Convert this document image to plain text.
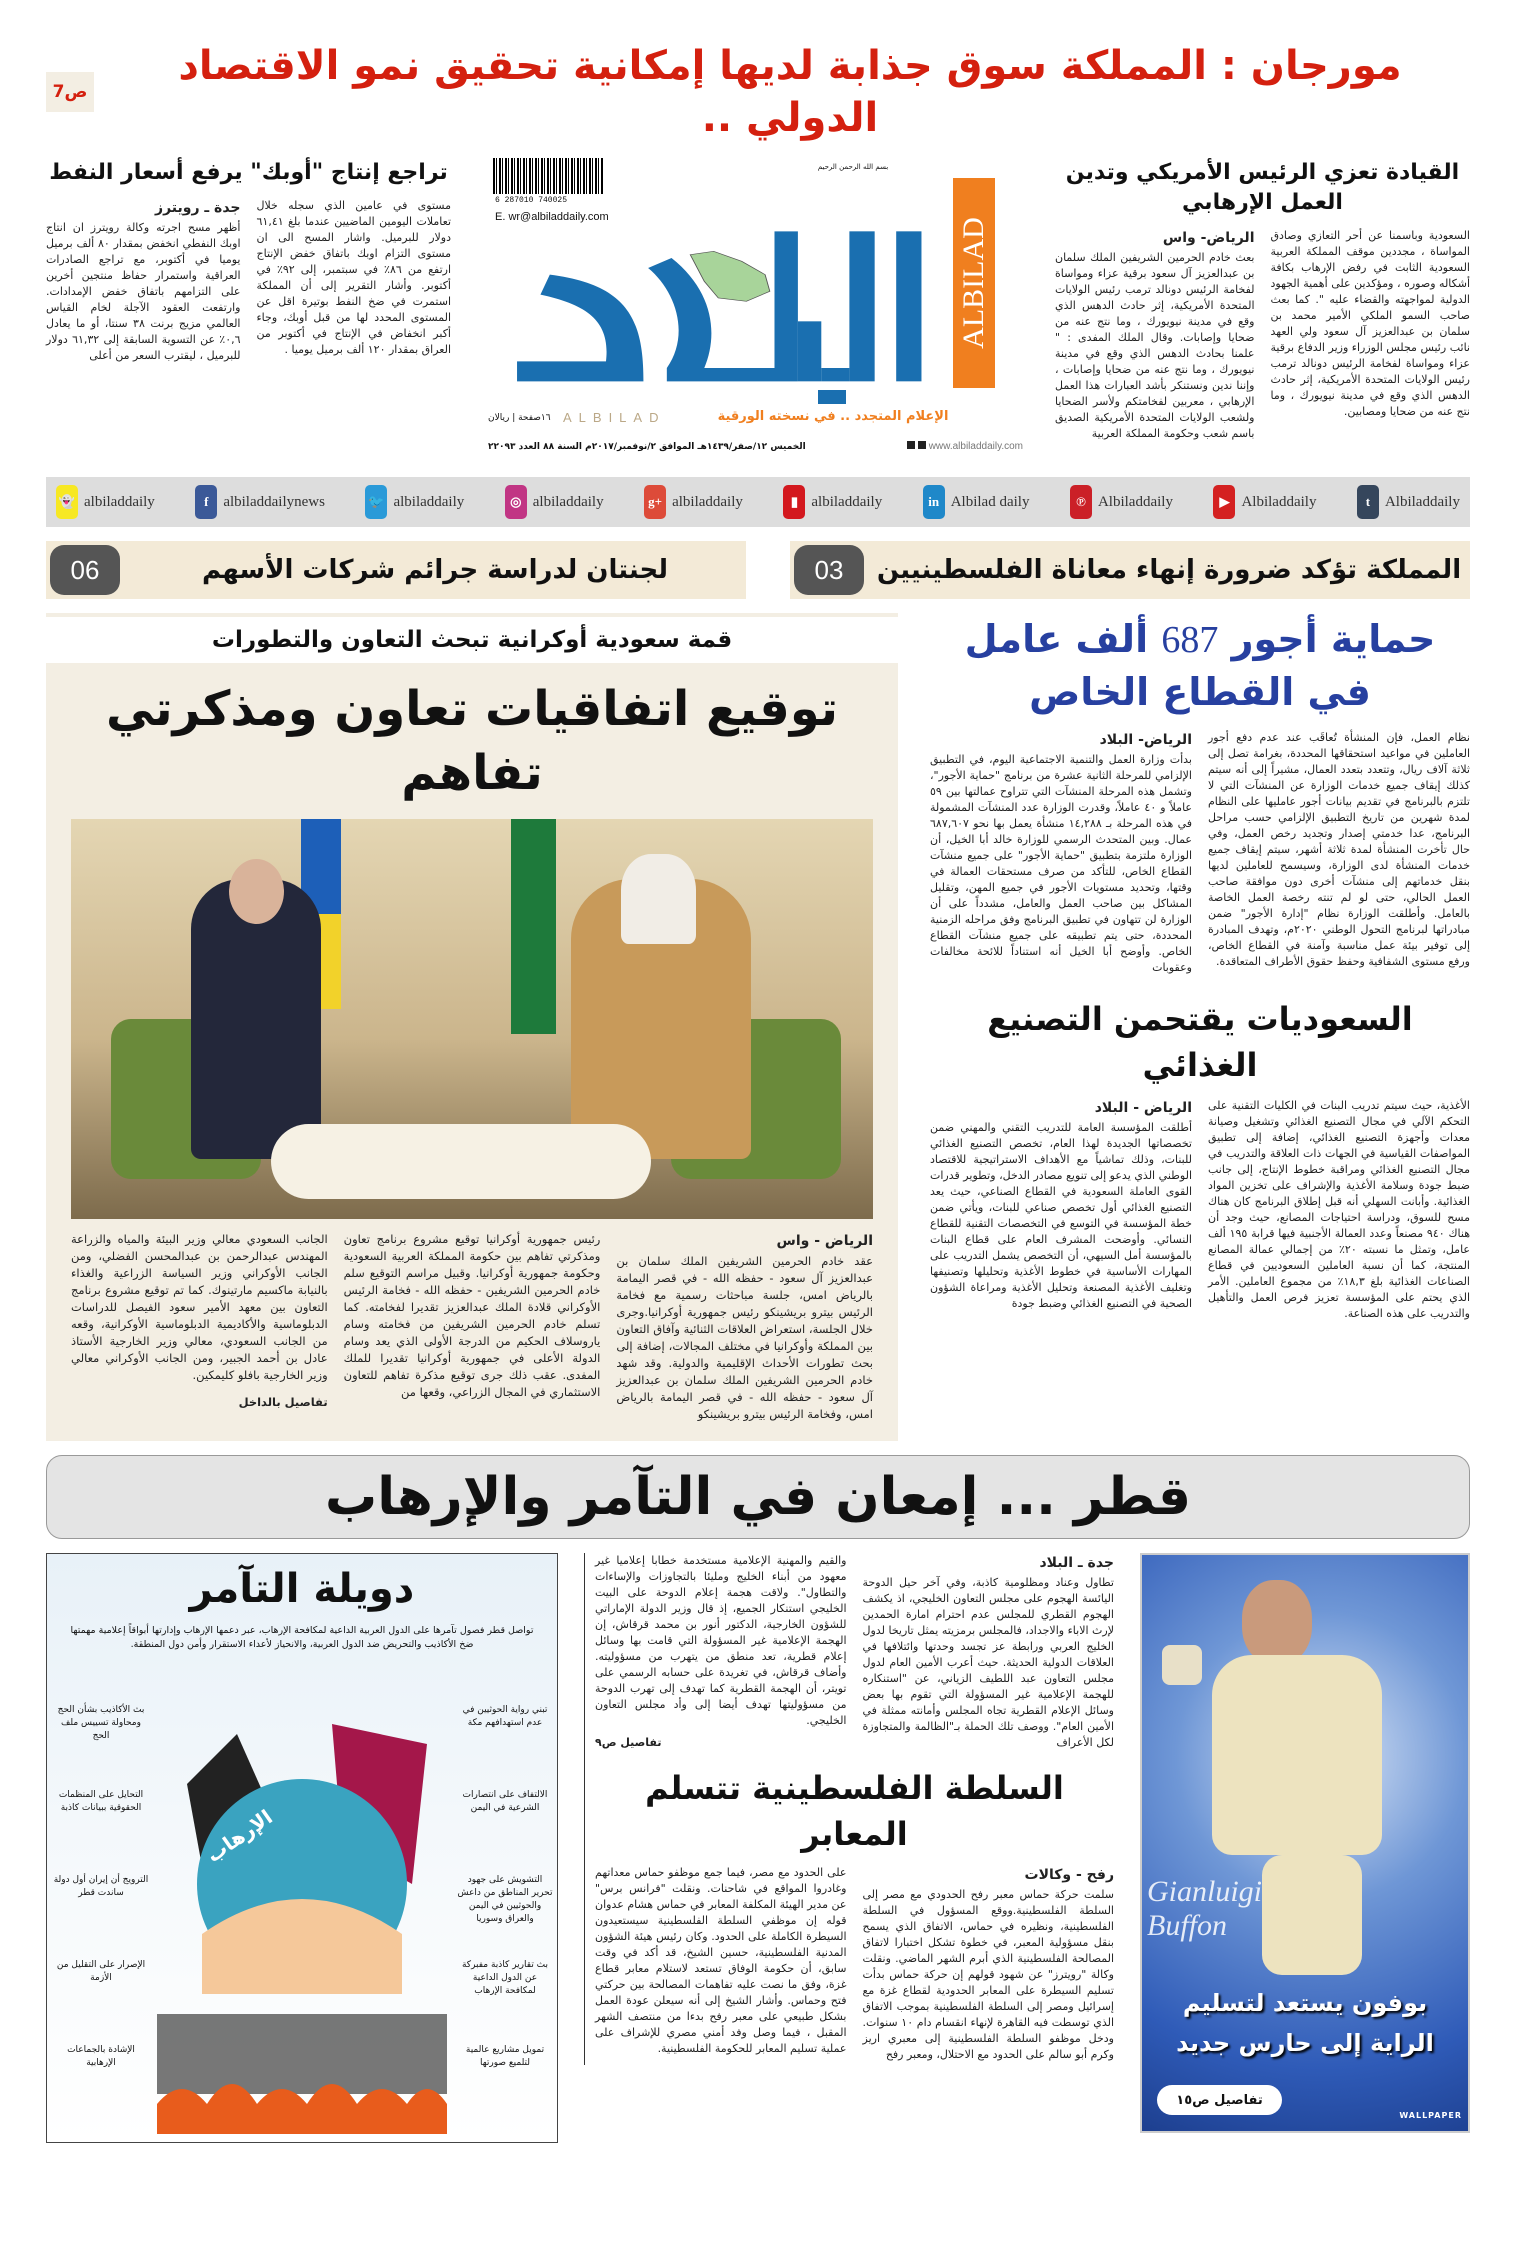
مورجان : المملكة سوق جذابة لديها إمكانية تحقيق نمو الاقتصاد الدولي ..
ص7
تراجع إنتاج "أوبك" يرفع أسعار النفط
جدة ـ رويترز

أظهر مسح اجرته وكالة رويترز ان انتاج اوبك النفطي انخفض بمقدار ٨٠ ألف برميل يوميا في أكتوبر، مع تراجع الصادرات العراقية واستمرار حفاظ منتجين أخرين على التزامهم باتفاق خفض الإمدادات. وارتفعت العقود الآجلة لخام القياس العالمي مزيج برنت ٣٨ سنتا، أو ما يعادل ٠,٦٪ عن التسوية السابقة إلى ٦١,٣٢ دولار للبرميل ، ليقترب السعر من أعلى

مستوى في عامين الذي سجله خلال تعاملات اليومين الماضيين عندما بلغ ٦١,٤١ دولار للبرميل. واشار المسح الى ان مستوى التزام اوبك باتفاق خفض الإنتاج ارتفع من ٨٦٪ في سبتمبر، إلى ٩٢٪ في أكتوبر. وأشار التقرير إلى أن المملكة استمرت في ضخ النفط بوتيرة اقل عن المستوى المحدد لها من قبل أوبك، وجاء أكبر انخفاض في الإنتاج في أكتوبر من العراق بمقدار ١٢٠ ألف برميل يوميا .

بسم الله الرحمن الرحيم
6 287010 740025
E. wr@albiladdaily.com
ALBILAD
١٦صفحة | ريالان ALBILAD	الإعلام المتجدد .. في نسخته الورقية
الخميس ١٢/صفر/١٤٣٩هـ الموافق ٢/نوفمبر/٢٠١٧م السنة ٨٨ العدد ٢٢٠٩٣	www.albiladdaily.com
القيادة تعزي الرئيس الأمريكي وتدين العمل الإرهابي
الرياض- واس

بعث خادم الحرمين الشريفين الملك سلمان بن عبدالعزيز آل سعود برقية عزاء ومواساة لفخامة الرئيس دونالد ترمب رئيس الولايات المتحدة الأمريكية، إثر حادث الدهس الذي وقع في مدينة نيويورك ، وما نتج عنه من ضحايا وإصابات. وقال الملك المفدى : " علمنا بحادث الدهس الذي وقع في مدينة نيويورك ، وما نتج عنه من ضحايا وإصابات ، وإننا ندين ونستنكر بأشد العبارات هذا العمل الإرهابي ، معربين لفخامتكم ولأسر الضحايا ولشعب الولايات المتحدة الأمريكية الصديق باسم شعب وحكومة المملكة العربية

السعودية وباسمنا عن أحر التعازي وصادق المواساة ، مجددين موقف المملكة العربية السعودية الثابت في رفض الإرهاب بكافة أشكاله وصوره ، ومؤكدين على أهمية الجهود الدولية لمواجهته والقضاء عليه ". كما بعث صاحب السمو الملكي الأمير محمد بن سلمان بن عبدالعزيز آل سعود ولي العهد نائب رئيس مجلس الوزراء وزير الدفاع برقية عزاء ومواساة لفخامة الرئيس دونالد ترمب رئيس الولايات المتحدة الأمريكية، إثر حادث الدهس الذي وقع في مدينة نيويورك ، وما نتج عنه من ضحايا ومصابين.

👻 albiladdaily	f albiladdailynews	🐦 albiladdaily	◎ albiladdaily	g+ albiladdaily	▮ albiladdaily	in Albilad daily	℗ Albiladdaily	▶ Albiladdaily	t Albiladdaily
لجنتان لدراسة جرائم شركات الأسهم
06	المملكة تؤكد ضرورة إنهاء معاناة الفلسطينيين
03
قمة سعودية أوكرانية تبحث التعاون والتطورات
توقيع اتفاقيات تعاون ومذكرتي تفاهم
الرياض - واس

عقد خادم الحرمين الشريفين الملك سلمان بن عبدالعزيز آل سعود - حفظه الله - في قصر اليمامة بالرياض امس، جلسة مباحثات رسمية مع فخامة الرئيس بيترو بريشينكو رئيس جمهورية أوكرانيا.وجرى خلال الجلسة، استعراض العلاقات الثنائية وآفاق التعاون بين المملكة وأوكرانيا في مختلف المجالات، إضافة إلى بحث تطورات الأحداث الإقليمية والدولية. وقد شهد خادم الحرمين الشريفين الملك سلمان بن عبدالعزيز آل سعود - حفظه الله - في قصر اليمامة بالرياض امس، وفخامة الرئيس بيترو بريشينكو

رئيس جمهورية أوكرانيا توقيع مشروع برنامج تعاون ومذكرتي تفاهم بين حكومة المملكة العربية السعودية وحكومة جمهورية أوكرانيا. وقبيل مراسم التوقيع سلم خادم الحرمين الشريفين - حفظه الله - فخامة الرئيس الأوكراني قلادة الملك عبدالعزيز تقديرا لفخامته. كما تسلم خادم الحرمين الشريفين من فخامته وسام ياروسلاف الحكيم من الدرجة الأولى الذي يعد وسام الدولة الأعلى في جمهورية أوكرانيا تقديرا للملك المفدى. عقب ذلك جرى توقيع مذكرة تفاهم للتعاون الاستثماري في المجال الزراعي، وقعها من

الجانب السعودي معالي وزير البيئة والمياه والزراعة المهندس عبدالرحمن بن عبدالمحسن الفضلي، ومن الجانب الأوكراني وزير السياسة الزراعية والغذاء بالنيابة ماكسيم مارتينوك. كما تم توقيع مشروع برنامج التعاون بين معهد الأمير سعود الفيصل للدراسات الدبلوماسية والأكاديمية الدبلوماسية الأوكرانية، وقعه من الجانب السعودي، معالي وزير الخارجية الأستاذ عادل بن أحمد الجبير، ومن الجانب الأوكراني معالي وزير الخارجية بافلو كليمكين.

تفاصيل بالداخل
حماية أجور 687 ألف عامل
في القطاع الخاص
الرياض- البلاد

بدأت وزارة العمل والتنمية الاجتماعية اليوم، في التطبيق الإلزامي للمرحلة الثانية عشرة من برنامج "حماية الأجور"، وتشمل هذه المرحلة المنشآت التي تتراوح عمالتها بين ٥٩ عاملاً و ٤٠ عاملاً، وقدرت الوزارة عدد المنشآت المشمولة في هذه المرحلة بـ ١٤,٢٨٨ منشأة يعمل بها نحو ٦٨٧,٦٠٧ عمال. وبين المتحدث الرسمي للوزارة خالد أبا الخيل، أن الوزارة ملتزمة بتطبيق "حماية الأجور" على جميع منشآت القطاع الخاص، للتأكد من صرف مستحقات العمالة في وقتها، وتحديد مستويات الأجور في جميع المهن، وتقليل المشاكل بين صاحب العمل والعامل، مشدداً على أن الوزارة لن تتهاون في تطبيق البرنامج وفق مراحله الزمنية المحددة، حتى يتم تطبيقه على جميع منشآت القطاع الخاص. وأوضح أبا الخيل أنه استناداً للائحة مخالفات وعقوبات

نظام العمل، فإن المنشأة تُعاقَب عند عدم دفع أجور العاملين في مواعيد استحقاقها المحددة، بغرامة تصل إلى ثلاثة آلاف ريال، وتتعدد بتعدد العمال، مشيراً إلى أنه سيتم كذلك إيقاف جميع خدمات الوزارة عن المنشآت التي لا تلتزم بالبرنامج في تقديم بيانات أجور عامليها على النظام لمدة شهرين من تاريخ التطبيق الإلزامي حسب مراحل البرنامج، عدا خدمتي إصدار وتجديد رخص العمل، وفي حال تأخرت المنشأة لمدة ثلاثة أشهر، سيتم إيقاف جميع خدمات المنشأة لدى الوزارة، وسيسمح للعاملين لديها بنقل خدماتهم إلى منشآت أخرى دون موافقة صاحب العمل الحالي، حتى لو لم تنته رخصة العمل الخاصة بالعامل. وأطلقت الوزارة نظام "إدارة الأجور" ضمن مبادراتها لبرنامج التحول الوطني ٢٠٢٠م، وتهدف المبادرة إلى توفير بيئة عمل مناسبة وآمنة في القطاع الخاص، ورفع مستوى الشفافية وحفظ حقوق الأطراف المتعاقدة.

السعوديات يقتحمن التصنيع الغذائي
الرياض - البلاد

أطلقت المؤسسة العامة للتدريب التقني والمهني ضمن تخصصاتها الجديدة لهذا العام، تخصص التصنيع الغذائي للبنات، وذلك تماشياً مع الأهداف الاستراتيجية للاقتصاد الوطني الذي يدعو إلى تنويع مصادر الدخل، وتطوير قدرات القوى العاملة السعودية في القطاع الصناعي، حيث يعد التصنيع الغذائي أول تخصص صناعي للبنات، ويأتي ضمن خطة المؤسسة في التوسع في التخصصات التقنية للقطاع النسائي. وأوضحت المشرف العام على قطاع البنات بالمؤسسة أمل السيهي، أن التخصص يشمل التدريب على المهارات الأساسية في خطوط الأغذية وتحليلها وتصنيفها وتغليف الأغذية المصنعة وتحليل الأغذية ومراعاة الشؤون الصحية في التصنيع الغذائي وضبط جودة

الأغذية، حيث سيتم تدريب البنات في الكليات التقنية على التحكم الآلي في مجال التصنيع الغذائي وتشغيل وصيانة معدات وأجهزة التصنيع الغذائي، إضافة إلى تطبيق المواصفات القياسية في الجهات ذات العلاقة والتدريب في مجال التصنيع الغذائي ومراقبة خطوط الإنتاج، إلى جانب ضبط جودة وسلامة الأغذية والإشراف على تخزين المواد الغذائية. وأبانت السهلي أنه قبل إطلاق البرنامج كان هناك مسح للسوق، ودراسة احتياجات المصانع، حيث وجد أن هناك ٩٤٠ مصنعاً وعدد العمالة الأجنبية فيها قرابة ١٩٥ ألف عامل، وتمثل ما نسبته ٢٠٪ من إجمالي عمالة المصانع المنتجة، كما أن نسبة العاملين السعوديين في قطاع الصناعات الغذائية بلغ ١٨,٣٪ من مجموع العاملين. الأمر الذي يحتم على المؤسسة تعزيز فرص العمل والتأهيل والتدريب على هذه الصناعة.

قطر ... إمعان في التآمر والإرهاب
دويلة التآمر
تواصل قطر فصول تآمرها على الدول العربية الداعية لمكافحة الإرهاب، عبر دعمها الإرهاب وإدارتها أبواقاً إعلامية مهمتها ضخ الأكاذيب والتحريض ضد الدول العربية، والانحياز لأعداء الاستقرار وأمن دول المنطقة.
الإرهاب
تبني رواية الحوثيين في عدم استهدافهم مكة
بث الأكاذيب بشأن الحج ومحاولة تسييس ملف الحج
الالتفاف على انتصارات الشرعية في اليمن
التحايل على المنظمات الحقوقية ببيانات كاذبة
التشويش على جهود تحرير المناطق من داعش والحوثيين في اليمن والعراق وسوريا
الترويج أن إيران أول دولة ساندت قطر
بث تقارير كاذبة مفبركة عن الدول الداعية لمكافحة الإرهاب
الإصرار على التقليل من الأزمة
تمويل مشاريع عالمية لتلميع صورتها
الإشادة بالجماعات الإرهابية
جدة ـ البلاد

تطاول وعناد ومظلومية كاذبة، وفي آخر حيل الدوحة اليائسة الهجوم على مجلس التعاون الخليجي، اذ يكشف الهجوم القطري للمجلس عدم احترام امارة الحمدين لإرث الاباء والاجداد، فالمجلس برمزيته يمثل تاريخا لدول الخليج العربي ورابطة عز تجسد وحدتها وائتلافها في العلاقات الدولية الحديثة. حيث أعرب الأمين العام لدول مجلس التعاون عبد اللطيف الزياني، عن "استنكاره للهجمة الإعلامية غير المسؤولة التي تقوم بها بعض وسائل الإعلام القطرية تجاه المجلس وأمانته ممثلة في الأمين العام". ووصف تلك الحملة بـ"الظالمة والمتجاوزة لكل الأعراف

والقيم والمهنية الإعلامية مستخدمة خطابا إعلاميا غير معهود من أبناء الخليج ومليئا بالتجاوزات والإساءات والتطاول". ولاقت هجمة إعلام الدوحة على البيت الخليجي استنكار الجميع، إذ قال وزير الدولة الإماراتي للشؤون الخارجية، الدكتور أنور بن محمد قرقاش، إن الهجمة الإعلامية غير المسؤولة التي قامت بها وسائل إعلام قطرية، تعد منطق من يتهرب من مسؤوليته. وأضاف قرقاش، في تغريدة على حسابه الرسمي على تويتر، أن الهجمة القطرية كما تهدف إلى تهرب الدوحة من مسؤوليتها تهدف أيضا إلى وأد مجلس التعاون الخليجي.

تفاصيل ص٩
السلطة الفلسطينية تتسلم المعابر
رفح - وكالات

سلمت حركة حماس معبر رفح الحدودي مع مصر إلى السلطة الفلسطينية.ووقع المسؤول في السلطة الفلسطينية، ونظيره في حماس، الاتفاق الذي يسمح بنقل مسؤولية المعبر، في خطوة تشكل اختبارا لاتفاق المصالحة الفلسطينية الذي أبرم الشهر الماضي. ونقلت وكالة "رويترز" عن شهود قولهم إن حركة حماس بدأت تسليم السيطرة على المعابر الحدودية لقطاع غزة مع إسرائيل ومصر إلى السلطة الفلسطينية بموجب الاتفاق الذي توسطت فيه القاهرة لإنهاء انقسام دام ١٠ سنوات. ودخل موظفو السلطة الفلسطينية إلى معبري اريز وكرم أبو سالم على الحدود مع الاحتلال، ومعبر رفح

على الحدود مع مصر، فيما جمع موظفو حماس معداتهم وغادروا المواقع في شاحنات. ونقلت "فرانس برس" عن مدير الهيئة المكلفة المعابر في حماس هشام عدوان قوله إن موظفي السلطة الفلسطينية سيستعيدون السيطرة الكاملة على الحدود. وكان رئيس هيئة الشؤون المدنية الفلسطينية، حسين الشيخ، قد أكد في وقت سابق، أن حكومة الوفاق تستعد لاستلام معابر قطاع غزة، وفق ما نصت عليه تفاهمات المصالحة بين حركتي فتح وحماس. وأشار الشيخ إلى أنه سيعلن عودة العمل بشكل طبيعي على معبر رفح بدءا من منتصف الشهر المقبل ، فيما وصل وفد أمني مصري للإشراف على عملية تسليم المعابر للحكومة الفلسطينية.

Gianluigi Buffon
بوفون يستعد لتسليم
الراية إلى حارس جديد
تفاصيل ص١٥
WALLPAPER
